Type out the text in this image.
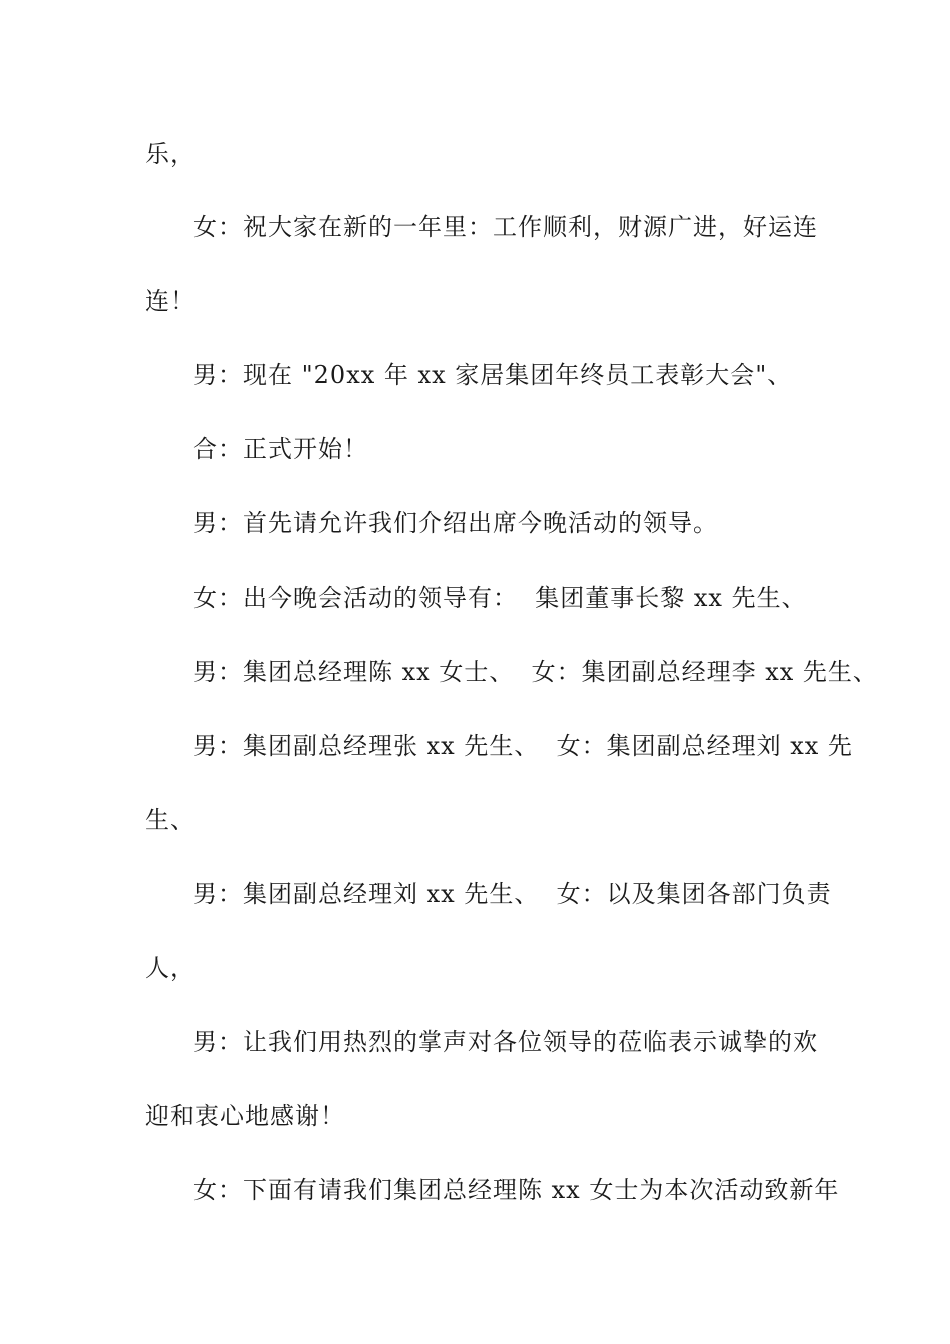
乐，
女：祝大家在新的一年里：工作顺利，财源广进，好运连
连！
男：现在 "20xx 年 xx 家居集团年终员工表彰大会"、
合：正式开始！
男：首先请允许我们介绍出席今晚活动的领导。
女：出今晚会活动的领导有：  集团董事长黎 xx 先生、
男：集团总经理陈 xx 女士、  女：集团副总经理李 xx 先生、
男：集团副总经理张 xx 先生、  女：集团副总经理刘 xx 先
生、
男：集团副总经理刘 xx 先生、  女：以及集团各部门负责
人，
男：让我们用热烈的掌声对各位领导的莅临表示诚挚的欢
迎和衷心地感谢！
女：下面有请我们集团总经理陈 xx 女士为本次活动致新年
